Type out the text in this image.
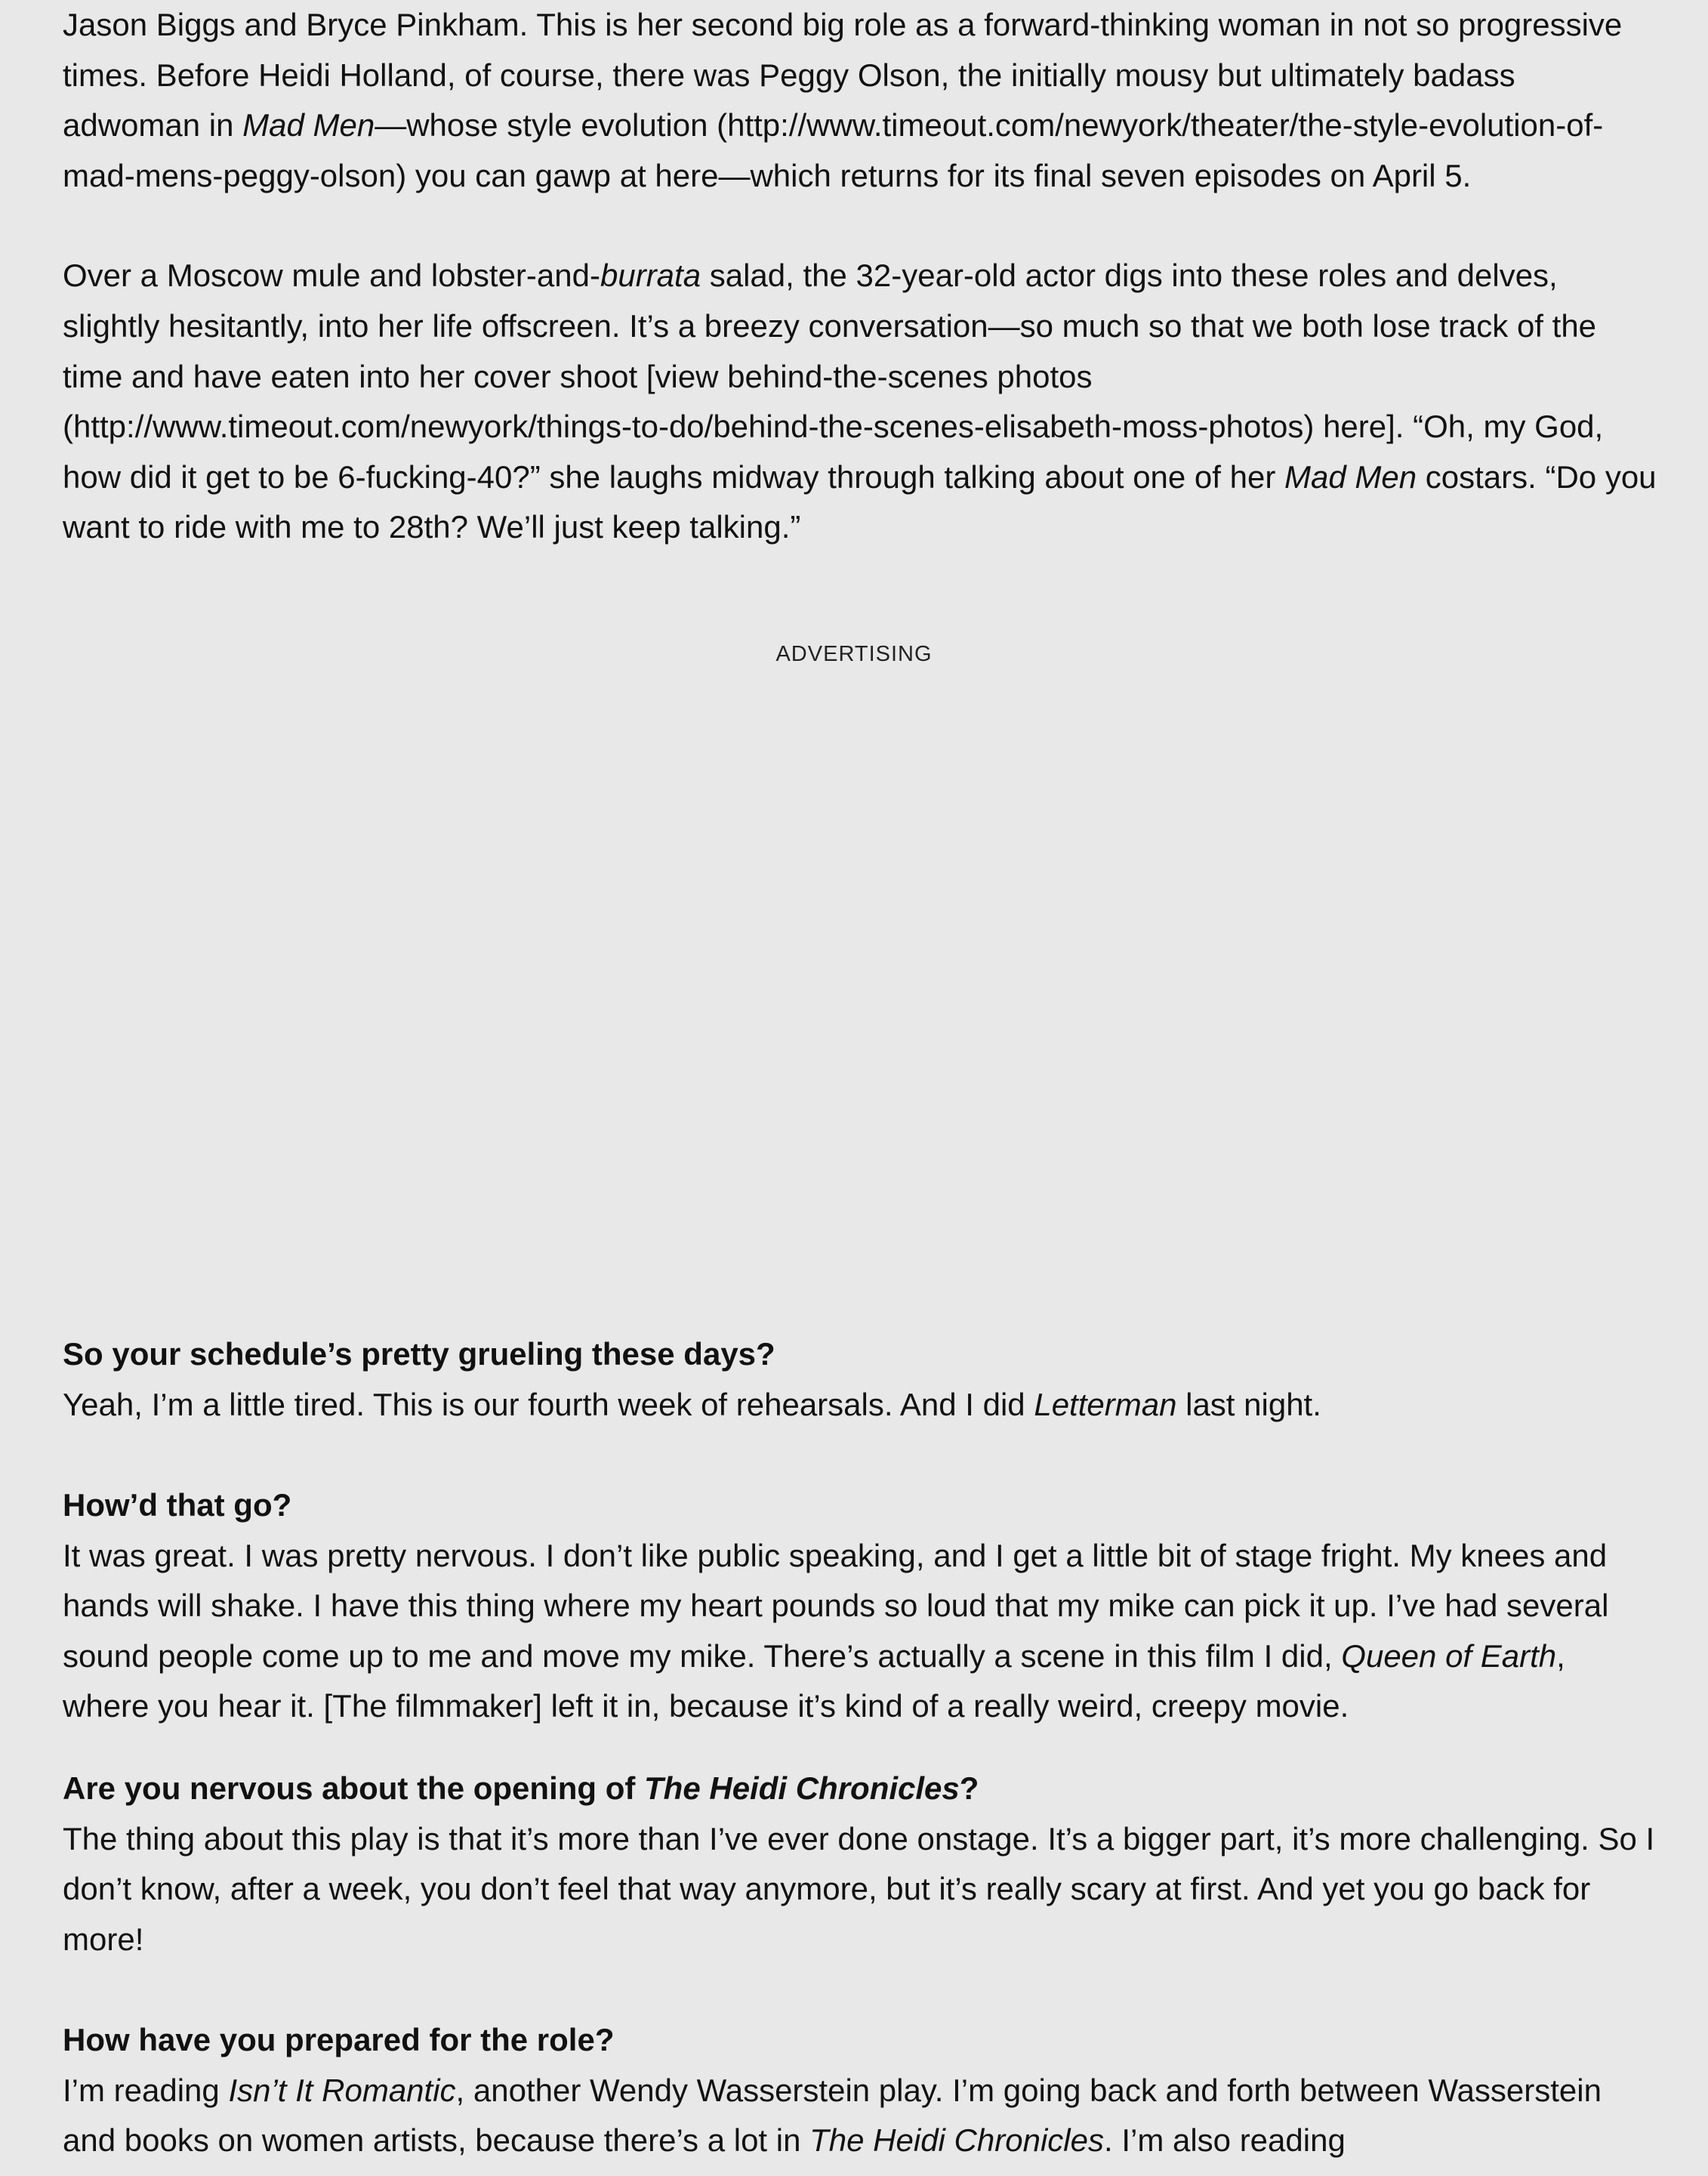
Jason Biggs and Bryce Pinkham. This is her second big role as a forward-thinking woman in not so progressive times. Before Heidi Holland, of course, there was Peggy Olson, the initially mousy but ultimately badass adwoman in Mad Men—whose style evolution (http://www.timeout.com/newyork/theater/the-style-evolution-of-mad-mens-peggy-olson) you can gawp at here—which returns for its final seven episodes on April 5.

Over a Moscow mule and lobster-and-burrata salad, the 32-year-old actor digs into these roles and delves, slightly hesitantly, into her life offscreen. It’s a breezy conversation—so much so that we both lose track of the time and have eaten into her cover shoot [view behind-the-scenes photos (http://www.timeout.com/newyork/things-to-do/behind-the-scenes-elisabeth-moss-photos) here]. “Oh, my God, how did it get to be 6-fucking-40?” she laughs midway through talking about one of her Mad Men costars. “Do you want to ride with me to 28th? We’ll just keep talking.”

ADVERTISING

So your schedule’s pretty grueling these days?
Yeah, I’m a little tired. This is our fourth week of rehearsals. And I did Letterman last night.

How’d that go?
It was great. I was pretty nervous. I don’t like public speaking, and I get a little bit of stage fright. My knees and hands will shake. I have this thing where my heart pounds so loud that my mike can pick it up. I’ve had several sound people come up to me and move my mike. There’s actually a scene in this film I did, Queen of Earth, where you hear it. [The filmmaker] left it in, because it’s kind of a really weird, creepy movie.

Are you nervous about the opening of The Heidi Chronicles?
The thing about this play is that it’s more than I’ve ever done onstage. It’s a bigger part, it’s more challenging. So I don’t know, after a week, you don’t feel that way anymore, but it’s really scary at first. And yet you go back for more!

How have you prepared for the role?
I’m reading Isn’t It Romantic, another Wendy Wasserstein play. I’m going back and forth between Wasserstein and books on women artists, because there’s a lot in The Heidi Chronicles. I’m also reading
